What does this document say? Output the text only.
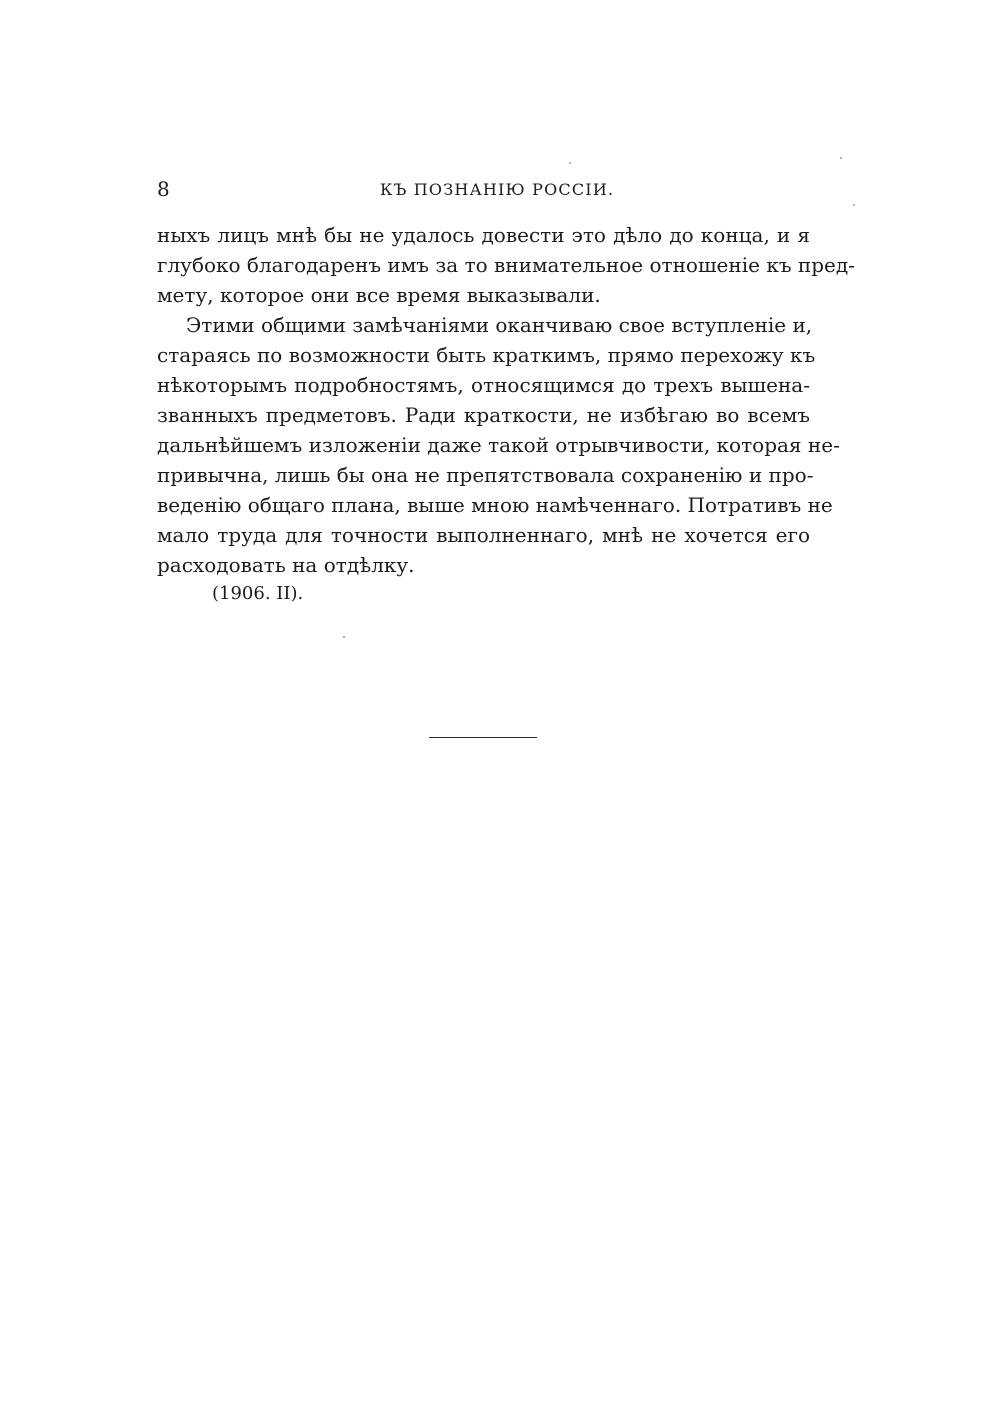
8	КЪ ПОЗНАНІЮ РОССІИ.
ныхъ лицъ мнѣ бы не удалось довести это дѣло до конца, и я
глубоко благодаренъ имъ за то внимательное отношеніе къ пред-
мету, которое они все время выказывали.
Этими общими замѣчаніями оканчиваю свое вступленіе и,
стараясь по возможности быть краткимъ, прямо перехожу къ
нѣкоторымъ подробностямъ, относящимся до трехъ вышена-
званныхъ предметовъ. Ради краткости, не избѣгаю во всемъ
дальнѣйшемъ изложеніи даже такой отрывчивости, которая не-
привычна, лишь бы она не препятствовала сохраненію и про-
веденію общаго плана, выше мною намѣченнаго. Потративъ не
мало труда для точности выполненнаго, мнѣ не хочется его
расходовать на отдѣлку.
(1906. II).
